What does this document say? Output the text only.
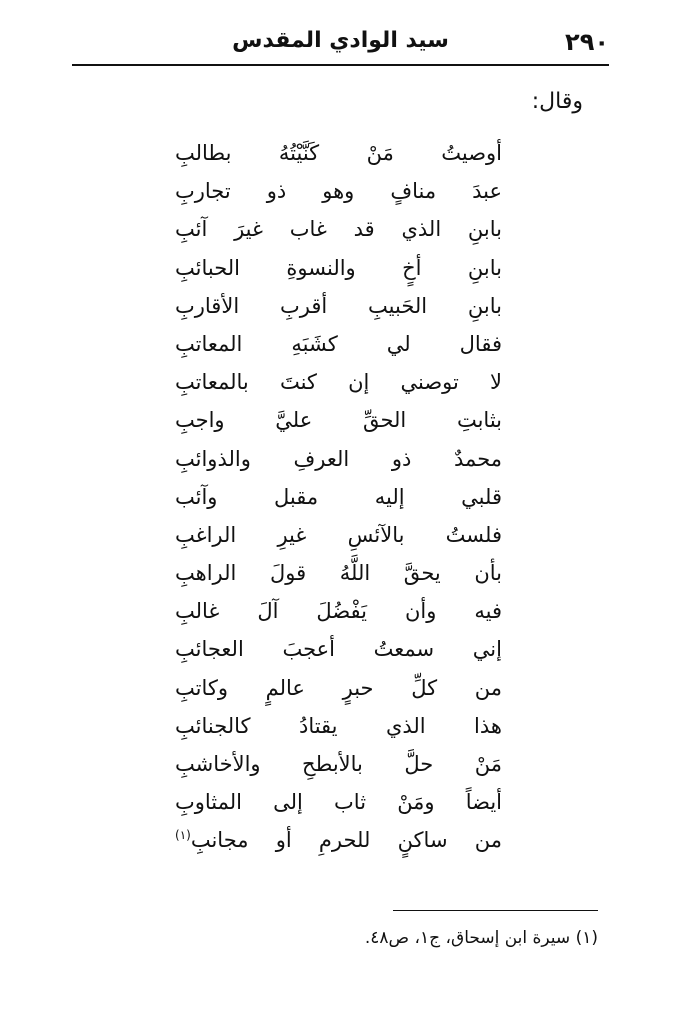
٢٩٠
سيد الوادي المقدس
وقال:
أوصيتُ مَنْ كَنَّيْتُهُ بطالبِ
عبدَ منافٍ وهو ذو تجاربِ
بابنِ الذي قد غاب غيرَ آئبِ
بابنِ أخٍ والنسوةِ الحبائبِ
بابنِ الحَبيبِ أقربِ الأقاربِ
فقال لي كشَبَهِ المعاتبِ
لا توصني إن كنتَ بالمعاتبِ
بثابتِ الحقِّ عليَّ واجبِ
محمدٌ ذو العرفِ والذوائبِ
قلبي إليه مقبل وآئب
فلستُ بالآئسِ غيرِ الراغبِ
بأن يحقَّ اللَّهُ قولَ الراهبِ
فيه وأن يَفْضُلَ آلَ غالبِ
إني سمعتُ أعجبَ العجائبِ
من كلِّ حبرٍ عالمٍ وكاتبِ
هذا الذي يقتادُ كالجنائبِ
مَنْ حلَّ بالأبطحِ والأخاشبِ
أيضاً ومَنْ ثاب إلى المثاوبِ
من ساكنٍ للحرمِ أو مجانبِ$^{(١)}$
(١) سيرة ابن إسحاق، ج١، ص٤٨.
